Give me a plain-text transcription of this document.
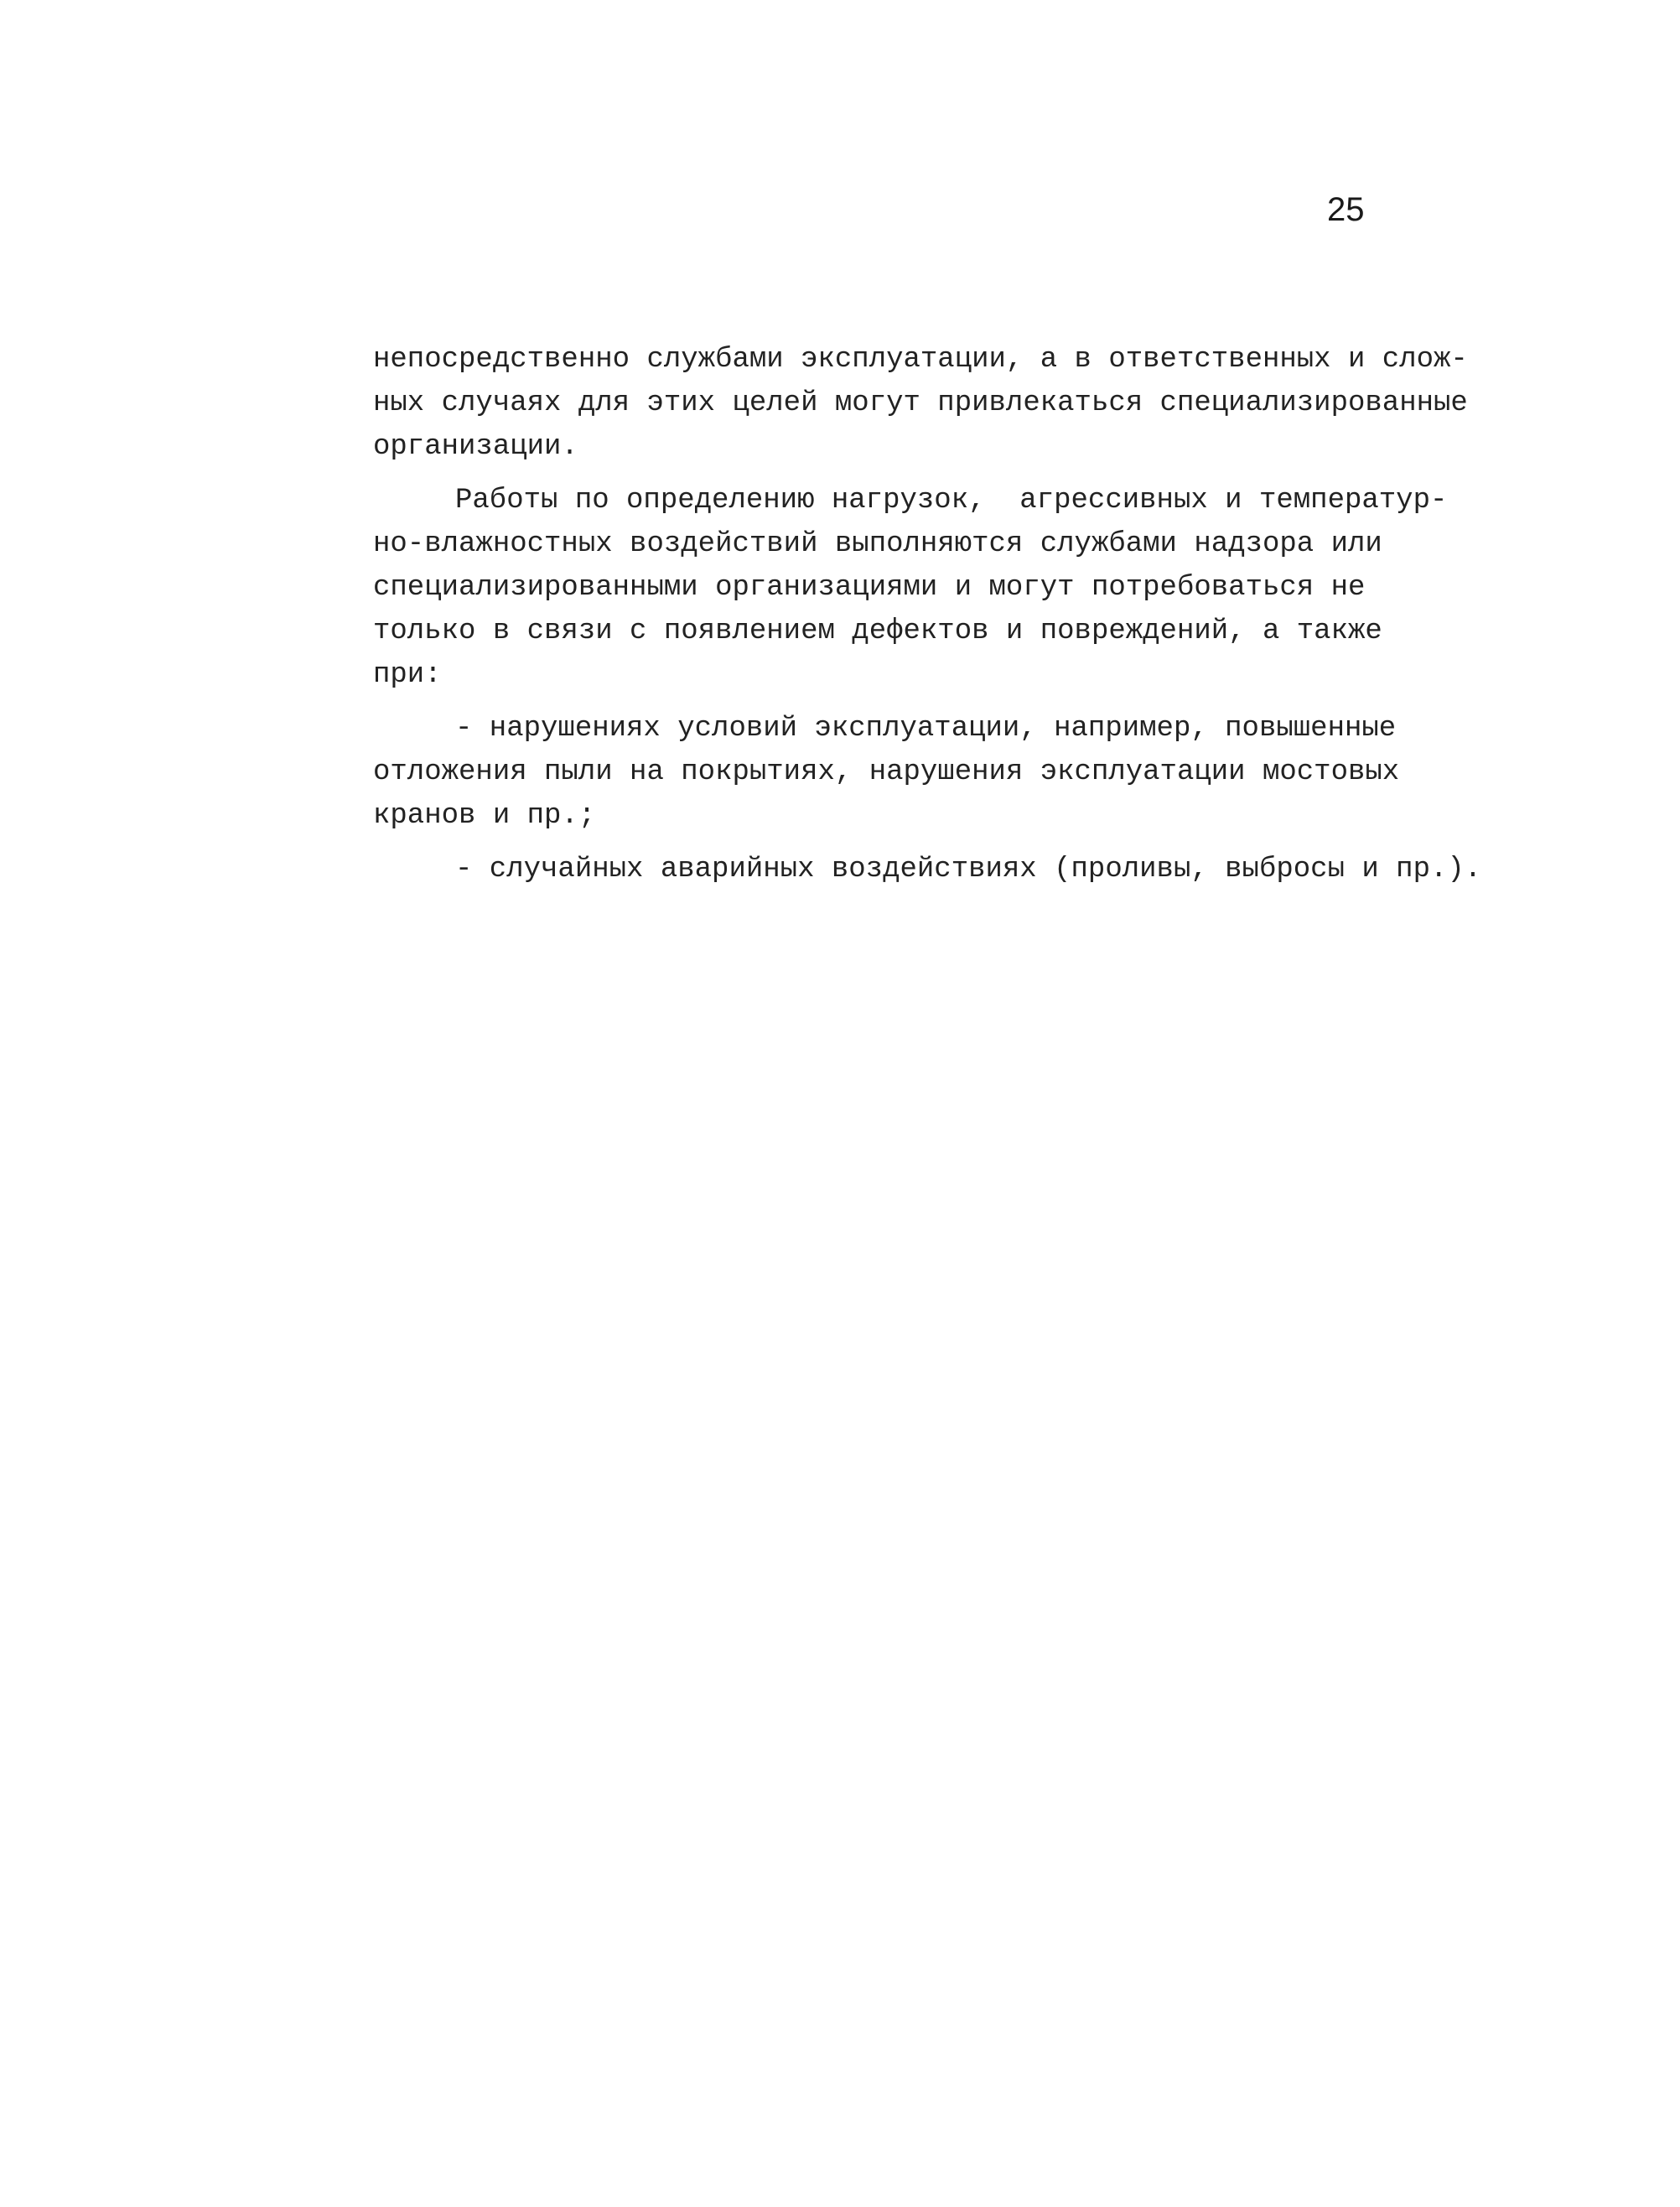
25

непосредственно службами эксплуатации, а в ответственных и слож-
ных случаях для этих целей могут привлекаться специализированные
организации.
Работы по определению нагрузок,  агрессивных и температур-
но-влажностных воздействий выполняются службами надзора или
специализированными организациями и могут потребоваться не
только в связи с появлением дефектов и повреждений, а также
при:
- нарушениях условий эксплуатации, например, повышенные
отложения пыли на покрытиях, нарушения эксплуатации мостовых
кранов и пр.;
- случайных аварийных воздействиях (проливы, выбросы и пр.).
